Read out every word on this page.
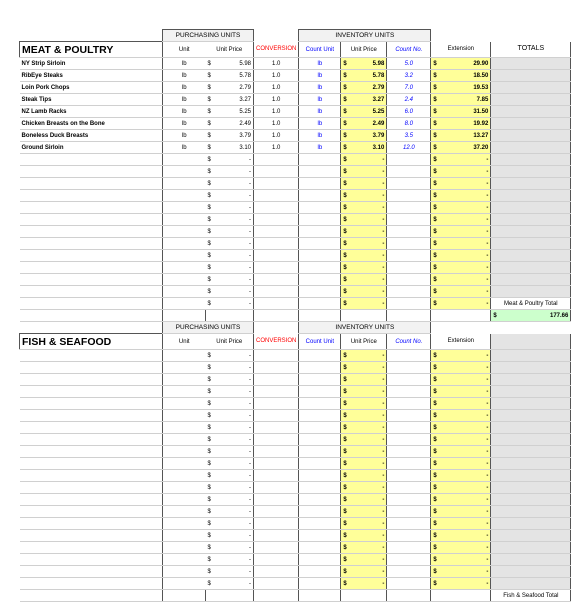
	PURCHASING UNITS			INVENTORY UNITS				
MEAT & POULTRY	Unit	Unit Price	CONVERSION	Count Unit	Unit Price	Count No.	Extension	TOTALS
NY Strip Sirloin	lb	$ 5.98	1.0	lb	$ 5.98	5.0	$ 29.90	

RibEye Steaks	lb	$ 5.78	1.0	lb	$ 5.78	3.2	$ 18.50	

Loin Pork Chops	lb	$ 2.79	1.0	lb	$ 2.79	7.0	$ 19.53	

Steak Tips	lb	$ 3.27	1.0	lb	$ 3.27	2.4	$ 7.85	

NZ Lamb Racks	lb	$ 5.25	1.0	lb	$ 5.25	6.0	$ 31.50	

Chicken Breasts on the Bone	lb	$ 2.49	1.0	lb	$ 2.49	8.0	$ 19.92	

Boneless Duck Breasts	lb	$ 3.79	1.0	lb	$ 3.79	3.5	$ 13.27	

Ground Sirloin	lb	$ 3.10	1.0	lb	$ 3.10	12.0	$ 37.20	

		$ -			$ -		$ -	

		$ -			$ -		$ -	

		$ -			$ -		$ -	

		$ -			$ -		$ -	

		$ -			$ -		$ -	

		$ -			$ -		$ -	

		$ -			$ -		$ -	

		$ -			$ -		$ -	

		$ -			$ -		$ -	

		$ -			$ -		$ -	

		$ -			$ -		$ -	

		$ -			$ -		$ -	

		$ -			$ -		$ -	Meat & Poultry Total

								$ 177.66

	PURCHASING UNITS			INVENTORY UNITS				
FISH & SEAFOOD	Unit	Unit Price	CONVERSION	Count Unit	Unit Price	Count No.	Extension	

		$ -			$ -		$ -	

		$ -			$ -		$ -	

		$ -			$ -		$ -	

		$ -			$ -		$ -	

		$ -			$ -		$ -	

		$ -			$ -		$ -	

		$ -			$ -		$ -	

		$ -			$ -		$ -	

		$ -			$ -		$ -	

		$ -			$ -		$ -	

		$ -			$ -		$ -	

		$ -			$ -		$ -	

		$ -			$ -		$ -	

		$ -			$ -		$ -	

		$ -			$ -		$ -	

		$ -			$ -		$ -	

		$ -			$ -		$ -	

		$ -			$ -		$ -	

		$ -			$ -		$ -	

		$ -			$ -		$ -	

								Fish & Seafood Total
